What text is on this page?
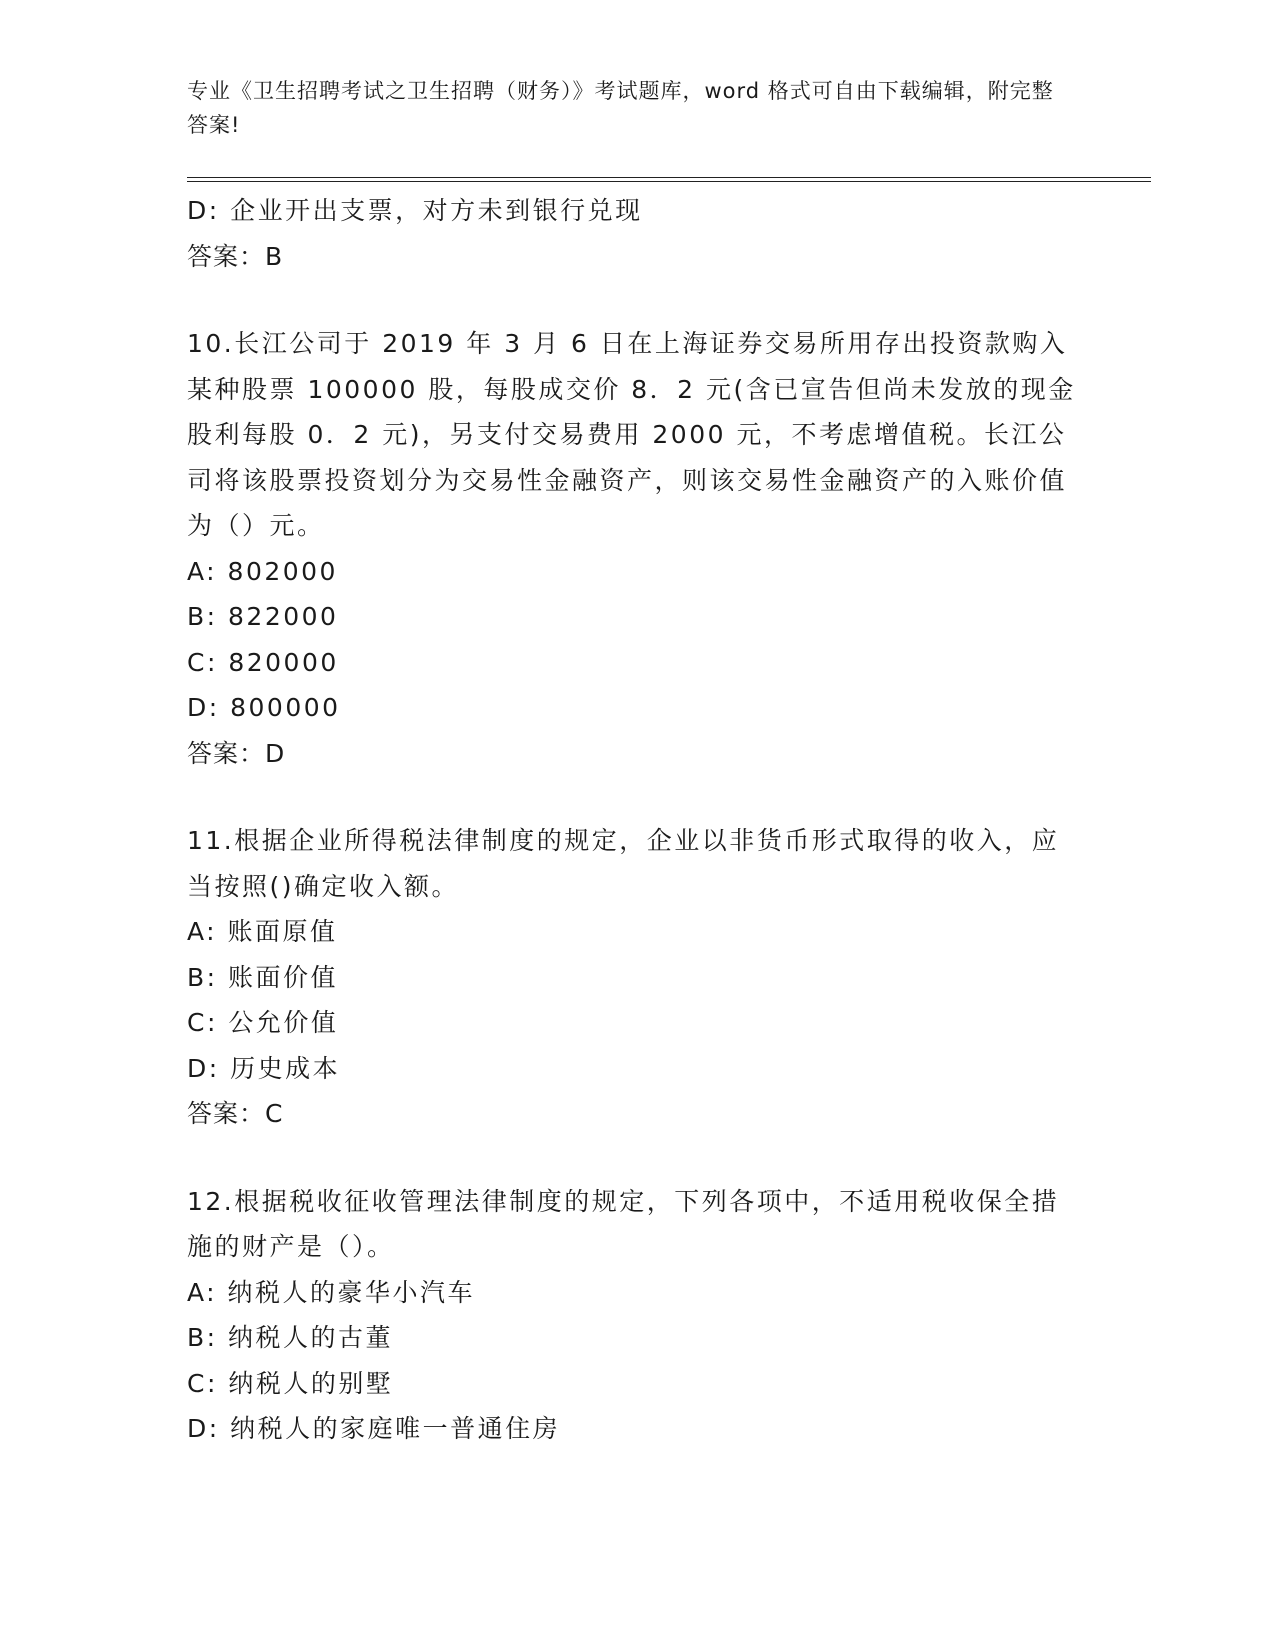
专业《卫生招聘考试之卫生招聘（财务）》考试题库，word 格式可自由下载编辑，附完整答案!
D: 企业开出支票，对方未到银行兑现
答案：B
10.长江公司于 2019 年 3 月 6 日在上海证券交易所用存出投资款购入某种股票 100000 股，每股成交价 8．2 元(含已宣告但尚未发放的现金股利每股 0．2 元)，另支付交易费用 2000 元，不考虑增值税。长江公司将该股票投资划分为交易性金融资产，则该交易性金融资产的入账价值为（）元。
A: 802000
B: 822000
C: 820000
D: 800000
答案：D
11.根据企业所得税法律制度的规定，企业以非货币形式取得的收入，应当按照()确定收入额。
A: 账面原值
B: 账面价值
C: 公允价值
D: 历史成本
答案：C
12.根据税收征收管理法律制度的规定，下列各项中，不适用税收保全措施的财产是（）。
A: 纳税人的豪华小汽车
B: 纳税人的古董
C: 纳税人的别墅
D: 纳税人的家庭唯一普通住房
